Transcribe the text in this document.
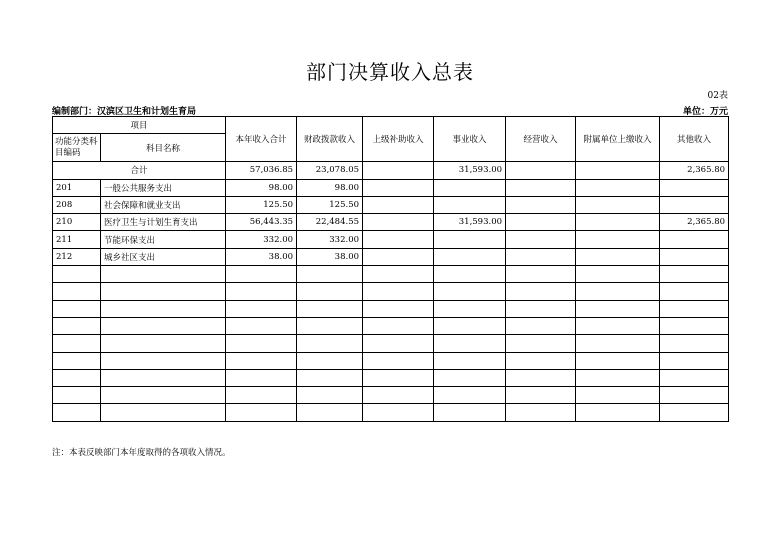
部门决算收入总表
02表
编制部门：汉滨区卫生和计划生育局	单位：万元
项目		本年收入合计	财政拨款收入	上级补助收入	事业收入	经营收入	附属单位上缴收入	其他收入
功能分类科目编码	科目名称							
合计		57,036.85	23,078.05		31,593.00			2,365.80
201	一般公共服务支出	98.00	98.00					
208	社会保障和就业支出	125.50	125.50					
210	医疗卫生与计划生育支出	56,443.35	22,484.55		31,593.00			2,365.80
211	节能环保支出	332.00	332.00					
212	城乡社区支出	38.00	38.00					

注：本表反映部门本年度取得的各项收入情况。
